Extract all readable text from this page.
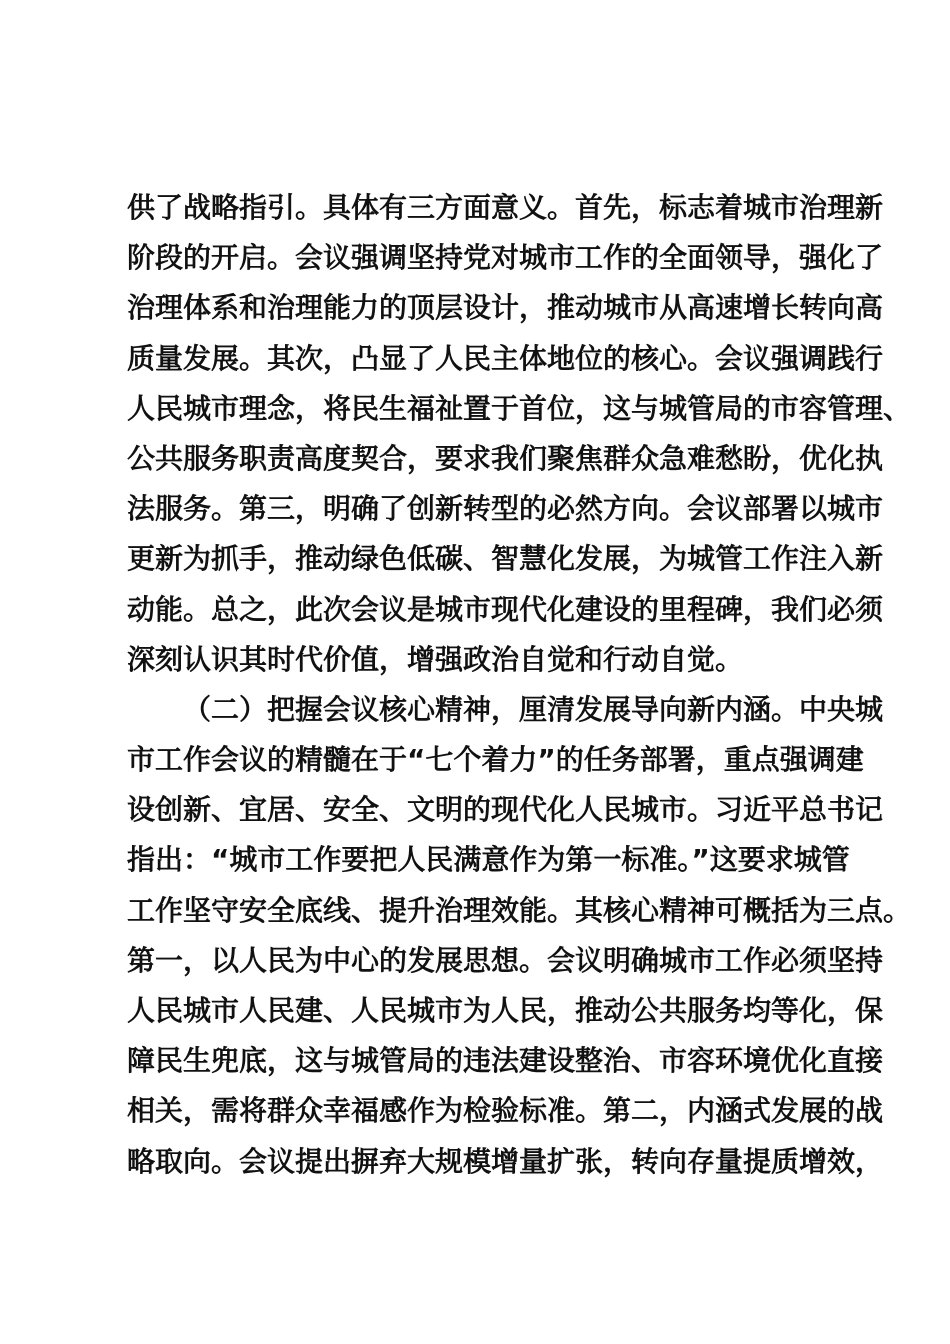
供了战略指引。具体有三方面意义。首先，标志着城市治理新
阶段的开启。会议强调坚持党对城市工作的全面领导，强化了
治理体系和治理能力的顶层设计，推动城市从高速增长转向高
质量发展。其次，凸显了人民主体地位的核心。会议强调践行
人民城市理念，将民生福祉置于首位，这与城管局的市容管理、
公共服务职责高度契合，要求我们聚焦群众急难愁盼，优化执
法服务。第三，明确了创新转型的必然方向。会议部署以城市
更新为抓手，推动绿色低碳、智慧化发展，为城管工作注入新
动能。总之，此次会议是城市现代化建设的里程碑，我们必须
深刻认识其时代价值，增强政治自觉和行动自觉。
（二）把握会议核心精神，厘清发展导向新内涵。中央城
市工作会议的精髓在于“七个着力”的任务部署，重点强调建
设创新、宜居、安全、文明的现代化人民城市。习近平总书记
指出：“城市工作要把人民满意作为第一标准。”这要求城管
工作坚守安全底线、提升治理效能。其核心精神可概括为三点。
第一，以人民为中心的发展思想。会议明确城市工作必须坚持
人民城市人民建、人民城市为人民，推动公共服务均等化，保
障民生兜底，这与城管局的违法建设整治、市容环境优化直接
相关，需将群众幸福感作为检验标准。第二，内涵式发展的战
略取向。会议提出摒弃大规模增量扩张，转向存量提质增效，
